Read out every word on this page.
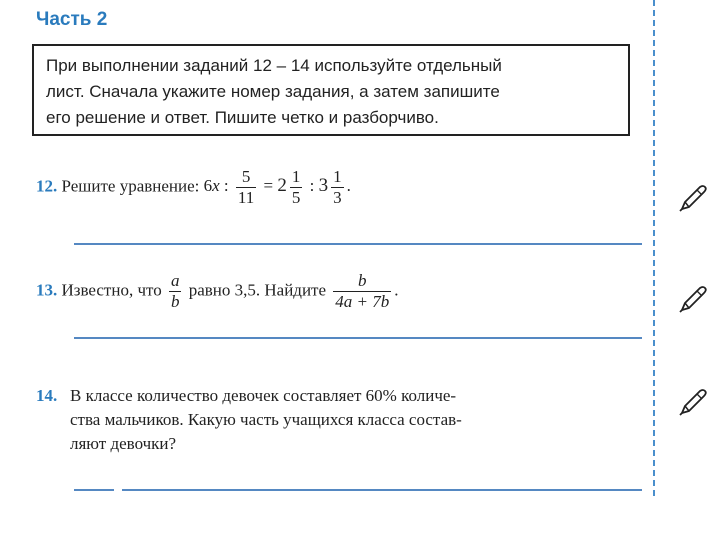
Часть 2
При выполнении заданий 12 – 14 используйте отдельный
лист. Сначала укажите номер задания, а затем запишите
его решение и ответ. Пишите четко и разборчиво.
12. Решите уравнение: 6x : $\frac{5}{11} = 2 \frac{1}{5}$ : $3 \frac{1}{3}$ .
13. Известно, что $\frac{a}{b}$ равно 3,5. Найдите $\frac{b}{4a + 7b}$ .
14. В классе количество девочек составляет 60% количе-
ства мальчиков. Какую часть учащихся класса состав-
ляют девочки?
